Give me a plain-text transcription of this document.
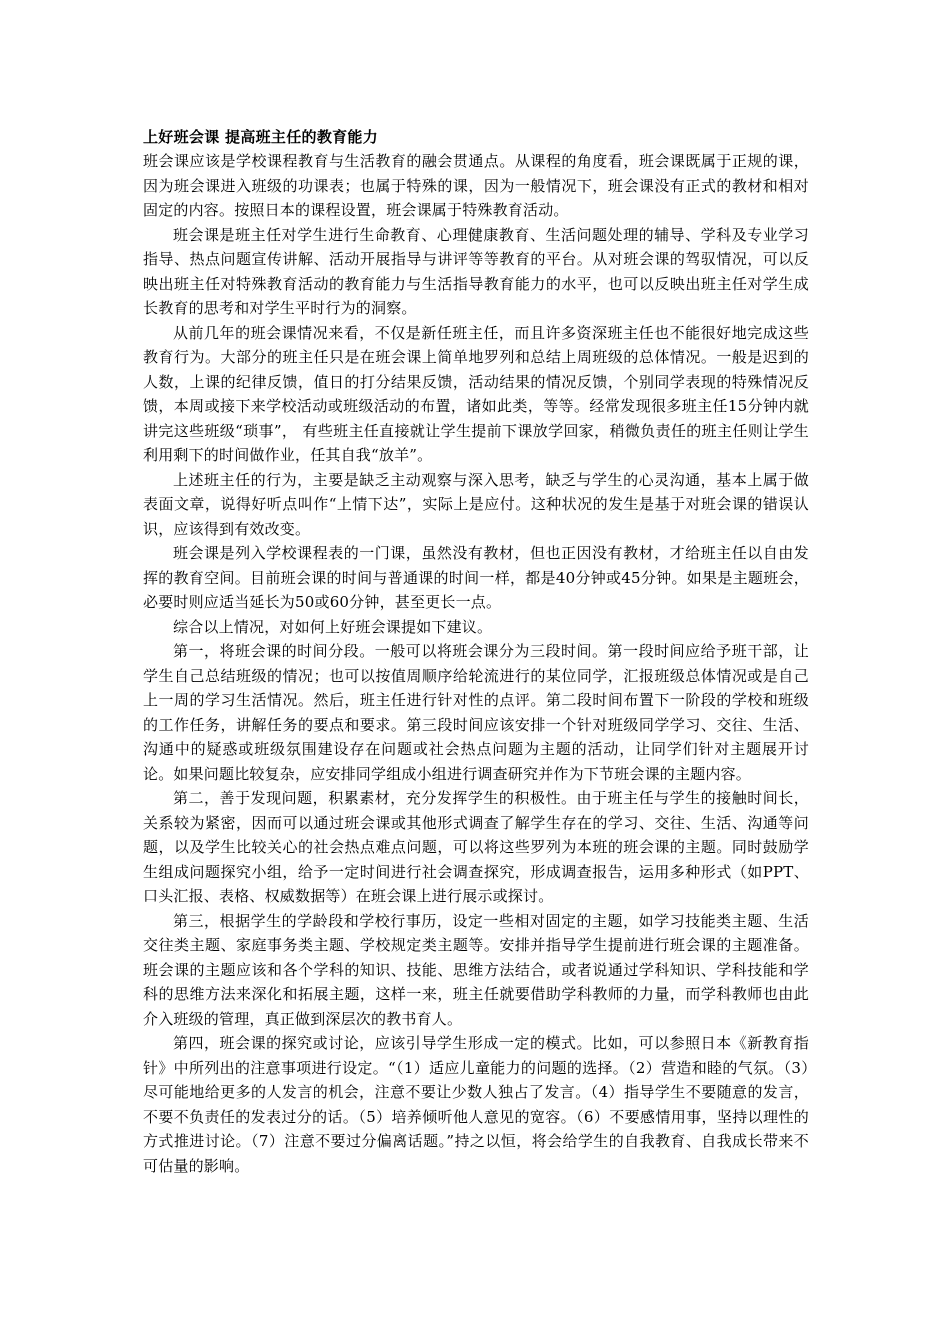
上好班会课 提高班主任的教育能力

班会课应该是学校课程教育与生活教育的融会贯通点。从课程的角度看，班会课既属于正规的课，因为班会课进入班级的功课表；也属于特殊的课，因为一般情况下，班会课没有正式的教材和相对固定的内容。按照日本的课程设置，班会课属于特殊教育活动。

班会课是班主任对学生进行生命教育、心理健康教育、生活问题处理的辅导、学科及专业学习指导、热点问题宣传讲解、活动开展指导与讲评等等教育的平台。从对班会课的驾驭情况，可以反映出班主任对特殊教育活动的教育能力与生活指导教育能力的水平，也可以反映出班主任对学生成长教育的思考和对学生平时行为的洞察。

从前几年的班会课情况来看，不仅是新任班主任，而且许多资深班主任也不能很好地完成这些教育行为。大部分的班主任只是在班会课上简单地罗列和总结上周班级的总体情况。一般是迟到的人数，上课的纪律反馈，值日的打分结果反馈，活动结果的情况反馈，个别同学表现的特殊情况反馈，本周或接下来学校活动或班级活动的布置，诸如此类，等等。经常发现很多班主任15分钟内就讲完这些班级“琐事”， 有些班主任直接就让学生提前下课放学回家，稍微负责任的班主任则让学生利用剩下的时间做作业，任其自我“放羊”。

上述班主任的行为，主要是缺乏主动观察与深入思考，缺乏与学生的心灵沟通，基本上属于做表面文章，说得好听点叫作“上情下达”，实际上是应付。这种状况的发生是基于对班会课的错误认识，应该得到有效改变。

班会课是列入学校课程表的一门课，虽然没有教材，但也正因没有教材，才给班主任以自由发挥的教育空间。目前班会课的时间与普通课的时间一样，都是40分钟或45分钟。如果是主题班会，必要时则应适当延长为50或60分钟，甚至更长一点。

综合以上情况，对如何上好班会课提如下建议。

第一，将班会课的时间分段。一般可以将班会课分为三段时间。第一段时间应给予班干部，让学生自己总结班级的情况；也可以按值周顺序给轮流进行的某位同学，汇报班级总体情况或是自己上一周的学习生活情况。然后，班主任进行针对性的点评。第二段时间布置下一阶段的学校和班级的工作任务，讲解任务的要点和要求。第三段时间应该安排一个针对班级同学学习、交往、生活、沟通中的疑惑或班级氛围建设存在问题或社会热点问题为主题的活动，让同学们针对主题展开讨论。如果问题比较复杂，应安排同学组成小组进行调查研究并作为下节班会课的主题内容。

第二，善于发现问题，积累素材，充分发挥学生的积极性。由于班主任与学生的接触时间长，关系较为紧密，因而可以通过班会课或其他形式调查了解学生存在的学习、交往、生活、沟通等问题，以及学生比较关心的社会热点难点问题，可以将这些罗列为本班的班会课的主题。同时鼓励学生组成问题探究小组，给予一定时间进行社会调查探究，形成调查报告，运用多种形式（如PPT、口头汇报、表格、权威数据等）在班会课上进行展示或探讨。

第三，根据学生的学龄段和学校行事历，设定一些相对固定的主题，如学习技能类主题、生活交往类主题、家庭事务类主题、学校规定类主题等。安排并指导学生提前进行班会课的主题准备。班会课的主题应该和各个学科的知识、技能、思维方法结合，或者说通过学科知识、学科技能和学科的思维方法来深化和拓展主题，这样一来，班主任就要借助学科教师的力量，而学科教师也由此介入班级的管理，真正做到深层次的教书育人。

第四，班会课的探究或讨论，应该引导学生形成一定的模式。比如，可以参照日本《新教育指针》中所列出的注意事项进行设定。“（1）适应儿童能力的问题的选择。（2）营造和睦的气氛。（3）尽可能地给更多的人发言的机会，注意不要让少数人独占了发言。（4）指导学生不要随意的发言，不要不负责任的发表过分的话。（5）培养倾听他人意见的宽容。（6）不要感情用事，坚持以理性的方式推进讨论。（7）注意不要过分偏离话题。”持之以恒，将会给学生的自我教育、自我成长带来不可估量的影响。
